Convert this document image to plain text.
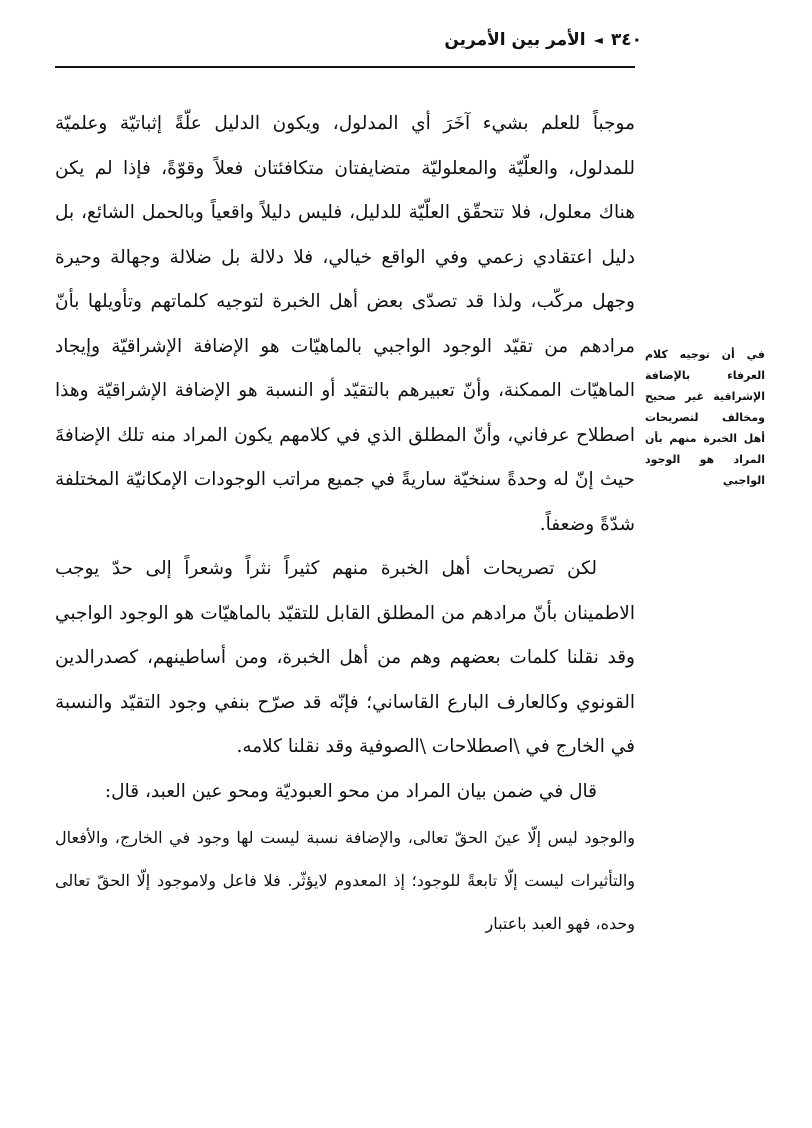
٣٤٠
◄
الأمر بين الأمرين

موجباً للعلم بشيء آخَرَ أي المدلول، ويكون الدليل علّةً إثباتيّة وعلميّة للمدلول، والعلّيّة والمعلوليّة متضايفتان متكافئتان فعلاً وقوّةً، فإذا لم يكن هناك معلول، فلا تتحقّق العلّيّة للدليل، فليس دليلاً واقعياً وبالحمل الشائع، بل دليل اعتقادي زعمي وفي الواقع خيالي، فلا دلالة بل ضلالة وجهالة وحيرة وجهل مركّب، ولذا قد تصدّى بعض أهل الخبرة لتوجيه كلماتهم وتأويلها بأنّ مرادهم من تقيّد الوجود الواجبي بالماهيّات هو الإضافة الإشراقيّة وإيجاد الماهيّات الممكنة، وأنّ تعبيرهم بالتقيّد أو النسبة هو الإضافة الإشراقيّة وهذا اصطلاح عرفاني، وأنّ المطلق الذي في كلامهم يكون المراد منه تلك الإضافةَ حيث إنّ له وحدةً سنخيّة ساريةً في جميع مراتب الوجودات الإمكانيّة المختلفة شدّةً وضعفاً.

لكن تصريحات أهل الخبرة منهم كثيراً نثراً وشعراً إلى حدّ يوجب الاطمينان بأنّ مرادهم من المطلق القابل للتقيّد بالماهيّات هو الوجود الواجبي وقد نقلنا كلمات بعضهم وهم من أهل الخبرة، ومن أساطينهم، كصدرالدين القونوي وكالعارف البارع القاساني؛ فإنّه قد صرّح بنفي وجود التقيّد والنسبة في الخارج في \اصطلاحات \الصوفية وقد نقلنا كلامه.

قال في ضمن بيان المراد من محو العبوديّة ومحو عين العبد، قال:

والوجود ليس إلّا عينَ الحقّ تعالى، والإضافة نسبة ليست لها وجود في الخارج، والأفعال والتأثيرات ليست إلّا تابعةً للوجود؛ إذ المعدوم لايؤثّر. فلا فاعل ولاموجود إلّا الحقّ تعالى وحده، فهو العبد باعتبار

في أن توجيه كلام العرفاء بالإضافة الإشراقية غير صحيح ومخالف لتصريحات أهل الخبرة منهم بأن المراد هو الوجود الواجبي
